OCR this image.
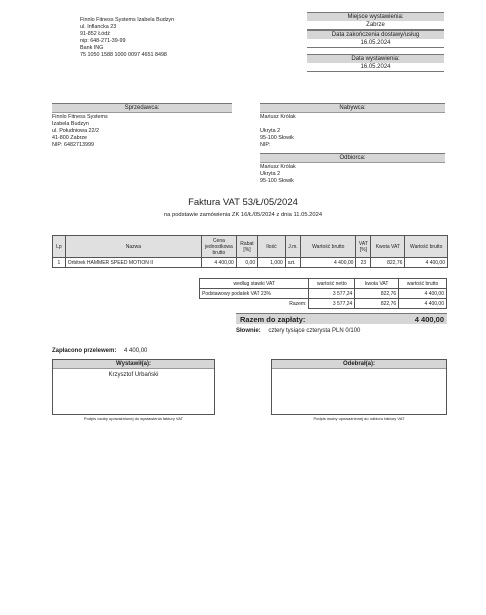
Finnlo Fitness Systems Izabela Budzyn
ul. Inflancka 23
91-852 Łódź
nip: 648-271-39-99
Bank ING
75 1050 1588 1000 0097 4651 8498
Miejsce wystawienia:
Zabrze
Data zakończenia dostawy/usług
16.05.2024
Data wystawienia:
16.05.2024
Sprzedawca:
Finnlo Fitness Systems
Izabela Budzyn
ul. Południowa 22/2
41-800 Zabrze
NIP: 6482713999
Nabywca:
Mariusz Królak
Ukryta 2
95-100 Słowik
NIP:
Odbiorca:
Mariusz Królak
Ukryta 2
95-100 Słowik
Faktura VAT 53/Ł/05/2024
na podstawie zamówienia ZK 16/Ł/05/2024 z dnia 11.05.2024
Lp	Nazwa	Cena jednostkowa brutto	Rabat [%]	Ilość	J.m.	Wartość brutto	VAT [%]	Kwota VAT	Wartość brutto
1	Orbitrek HAMMER SPEED MOTION II	4 400,00	0,00	1,000	szt.	4 400,00	23	822,76	4 400,00
według stawki VAT	wartość netto	kwota VAT	wartość brutto
Podstawowy podatek VAT 23%	3 577,24	822,76	4 400,00
Razem:	3 577,24	822,76	4 400,00
Razem do zapłaty:	4 400,00
Słownie: cztery tysiące czterysta PLN 0/100
Zapłacono przelewem: 4 400,00
Wystawił(a):
Krzysztof Urbański
Podpis osoby upoważnionej do wystawienia faktury VAT
Odebrał(a):
Podpis osoby upoważnionej do odbioru faktury VAT
